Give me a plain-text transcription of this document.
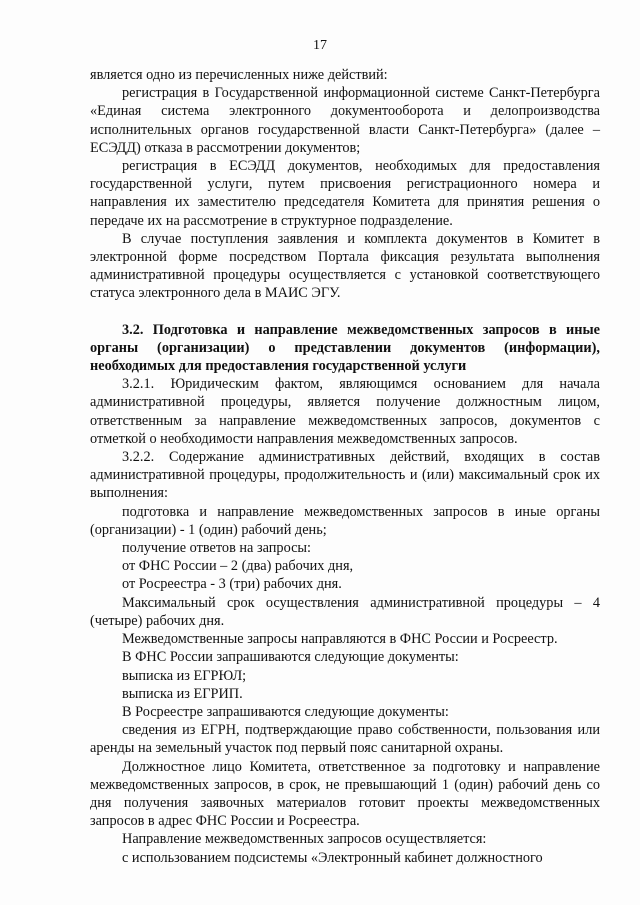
17

является одно из перечисленных ниже действий:

регистрация в Государственной информационной системе Санкт-Петербурга «Единая система электронного документооборота и делопроизводства исполнительных органов государственной власти Санкт-Петербурга» (далее – ЕСЭДД) отказа в рассмотрении документов;

регистрация в ЕСЭДД документов, необходимых для предоставления государственной услуги, путем присвоения регистрационного номера и направления их заместителю председателя Комитета для принятия решения о передаче их на рассмотрение в структурное подразделение.

В случае поступления заявления и комплекта документов в Комитет в электронной форме посредством Портала фиксация результата выполнения административной процедуры осуществляется с установкой соответствующего статуса электронного дела в МАИС ЭГУ.

3.2. Подготовка и направление межведомственных запросов в иные органы (организации) о представлении документов (информации), необходимых для предоставления государственной услуги

3.2.1. Юридическим фактом, являющимся основанием для начала административной процедуры, является получение должностным лицом, ответственным за направление межведомственных запросов, документов с отметкой о необходимости направления межведомственных запросов.

3.2.2. Содержание административных действий, входящих в состав административной процедуры, продолжительность и (или) максимальный срок их выполнения:

подготовка и направление межведомственных запросов в иные органы (организации) - 1 (один) рабочий день;

получение ответов на запросы:

от ФНС России – 2 (два) рабочих дня,

от Росреестра - 3 (три) рабочих дня.

Максимальный срок осуществления административной процедуры – 4 (четыре) рабочих дня.

Межведомственные запросы направляются в ФНС России и Росреестр.

В ФНС России запрашиваются следующие документы:

выписка из ЕГРЮЛ;

выписка из ЕГРИП.

В Росреестре запрашиваются следующие документы:

сведения из ЕГРН, подтверждающие право собственности, пользования или аренды на земельный участок под первый пояс санитарной охраны.

Должностное лицо Комитета, ответственное за подготовку и направление межведомственных запросов, в срок, не превышающий 1 (один) рабочий день со дня получения заявочных материалов готовит проекты межведомственных запросов в адрес ФНС России и Росреестра.

Направление межведомственных запросов осуществляется:

с использованием подсистемы «Электронный кабинет должностного
